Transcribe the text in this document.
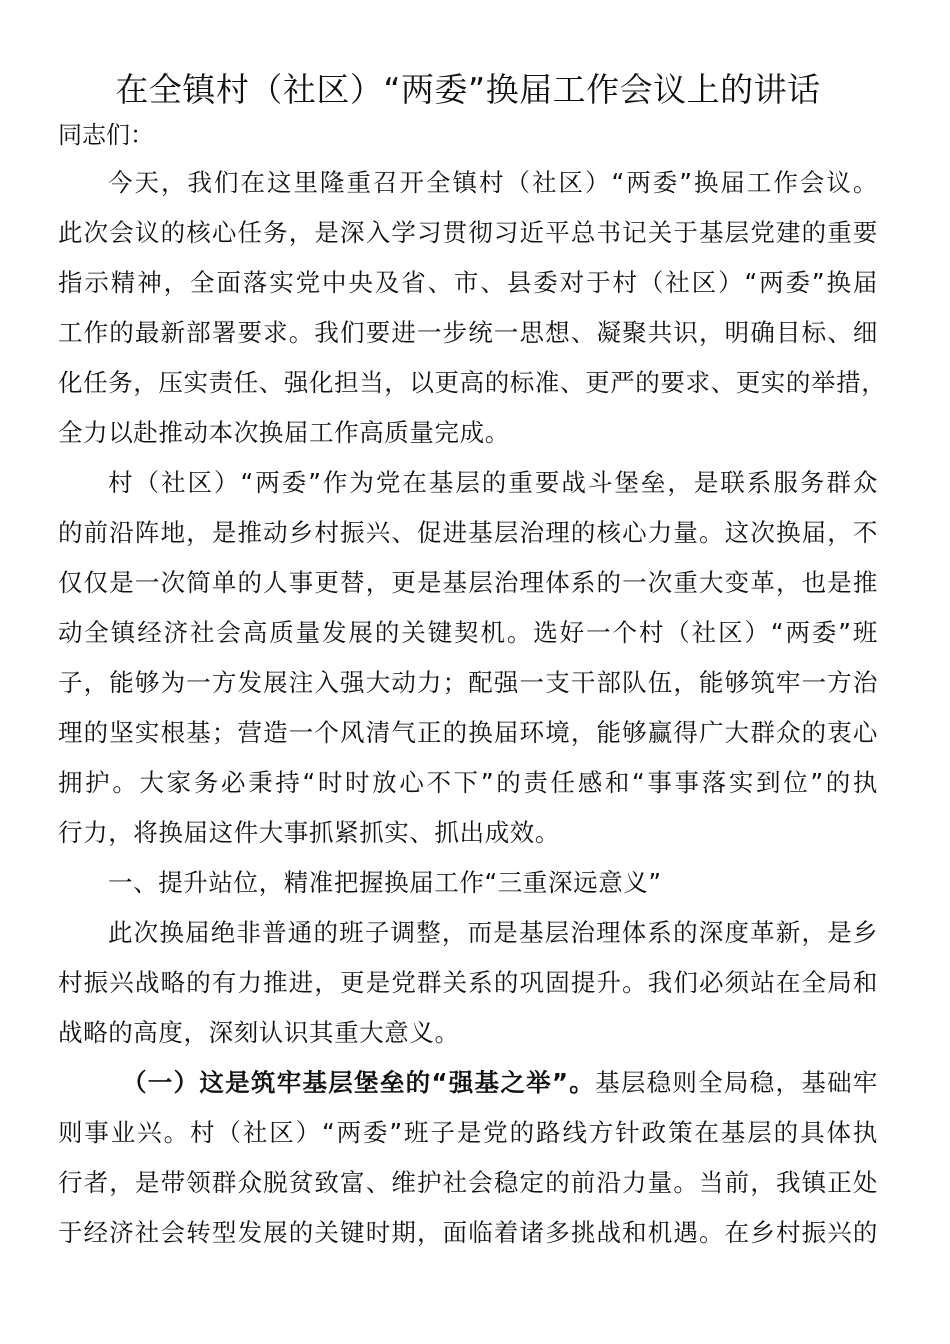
在全镇村（社区）“两委”换届工作会议上的讲话

同志们：

今天，我们在这里隆重召开全镇村（社区）“两委”换届工作会议。

此次会议的核心任务，是深入学习贯彻习近平总书记关于基层党建的重要

指示精神，全面落实党中央及省、市、县委对于村（社区）“两委”换届

工作的最新部署要求。我们要进一步统一思想、凝聚共识，明确目标、细

化任务，压实责任、强化担当，以更高的标准、更严的要求、更实的举措，

全力以赴推动本次换届工作高质量完成。

村（社区）“两委”作为党在基层的重要战斗堡垒，是联系服务群众

的前沿阵地，是推动乡村振兴、促进基层治理的核心力量。这次换届，不

仅仅是一次简单的人事更替，更是基层治理体系的一次重大变革，也是推

动全镇经济社会高质量发展的关键契机。选好一个村（社区）“两委”班

子，能够为一方发展注入强大动力；配强一支干部队伍，能够筑牢一方治

理的坚实根基；营造一个风清气正的换届环境，能够赢得广大群众的衷心

拥护。大家务必秉持“时时放心不下”的责任感和“事事落实到位”的执

行力，将换届这件大事抓紧抓实、抓出成效。

一、提升站位，精准把握换届工作“三重深远意义”

此次换届绝非普通的班子调整，而是基层治理体系的深度革新，是乡

村振兴战略的有力推进，更是党群关系的巩固提升。我们必须站在全局和

战略的高度，深刻认识其重大意义。

（一）这是筑牢基层堡垒的“强基之举”。基层稳则全局稳，基础牢

则事业兴。村（社区）“两委”班子是党的路线方针政策在基层的具体执

行者，是带领群众脱贫致富、维护社会稳定的前沿力量。当前，我镇正处

于经济社会转型发展的关键时期，面临着诸多挑战和机遇。在乡村振兴的
